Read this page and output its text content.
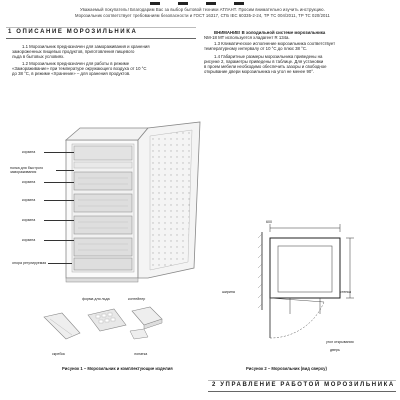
Уважаемый покупатель! Благодарим Вас за выбор бытовой техники АТЛАНТ. Просим внимательно изучить инструкцию.
Морозильник соответствует требованиям безопасности и ГОСТ 16317, СТБ IEC 60335-2-24, ТР ТС 004/2011, ТР ТС 020/2011
1 ОПИСАНИЕ МОРОЗИЛЬНИКА
1.1 Морозильник предназначен для замораживания и хранения
замороженных пищевых продуктов, приготовления пищевого
льда в бытовых условиях.
1.2 Морозильник предназначен для работы в режиме
«Замораживание» при температуре окружающего воздуха от 10 °С
до 38 °С, в режиме «Хранение» – для хранения продуктов.
ВНИМАНИЕ! В холодильной системе морозильника
NM-18 MT используется хладагент R 134a.
1.3 Климатическое исполнение морозильника соответствует
температурному интервалу от 10 °С до плюс 38 °С.
1.4 Габаритные размеры морозильника приведены на
рисунке 2, параметры приведены в таблице. Для установки
в проем мебели необходимо обеспечить зазоры и свободное
открывание двери морозильника на угол не менее 90°.
корзина
полка для быстрого замораживания
корзина
корзина
корзина
корзина
опора регулируемая
форма для льда	контейнер
скребок	лопатка
Рисунок 1 – Морозильник и комплектующие изделия
600
ширина	стенка
угол открывания
дверь
Рисунок 2 – Морозильник (вид сверху)
2 УПРАВЛЕНИЕ РАБОТОЙ МОРОЗИЛЬНИКА
